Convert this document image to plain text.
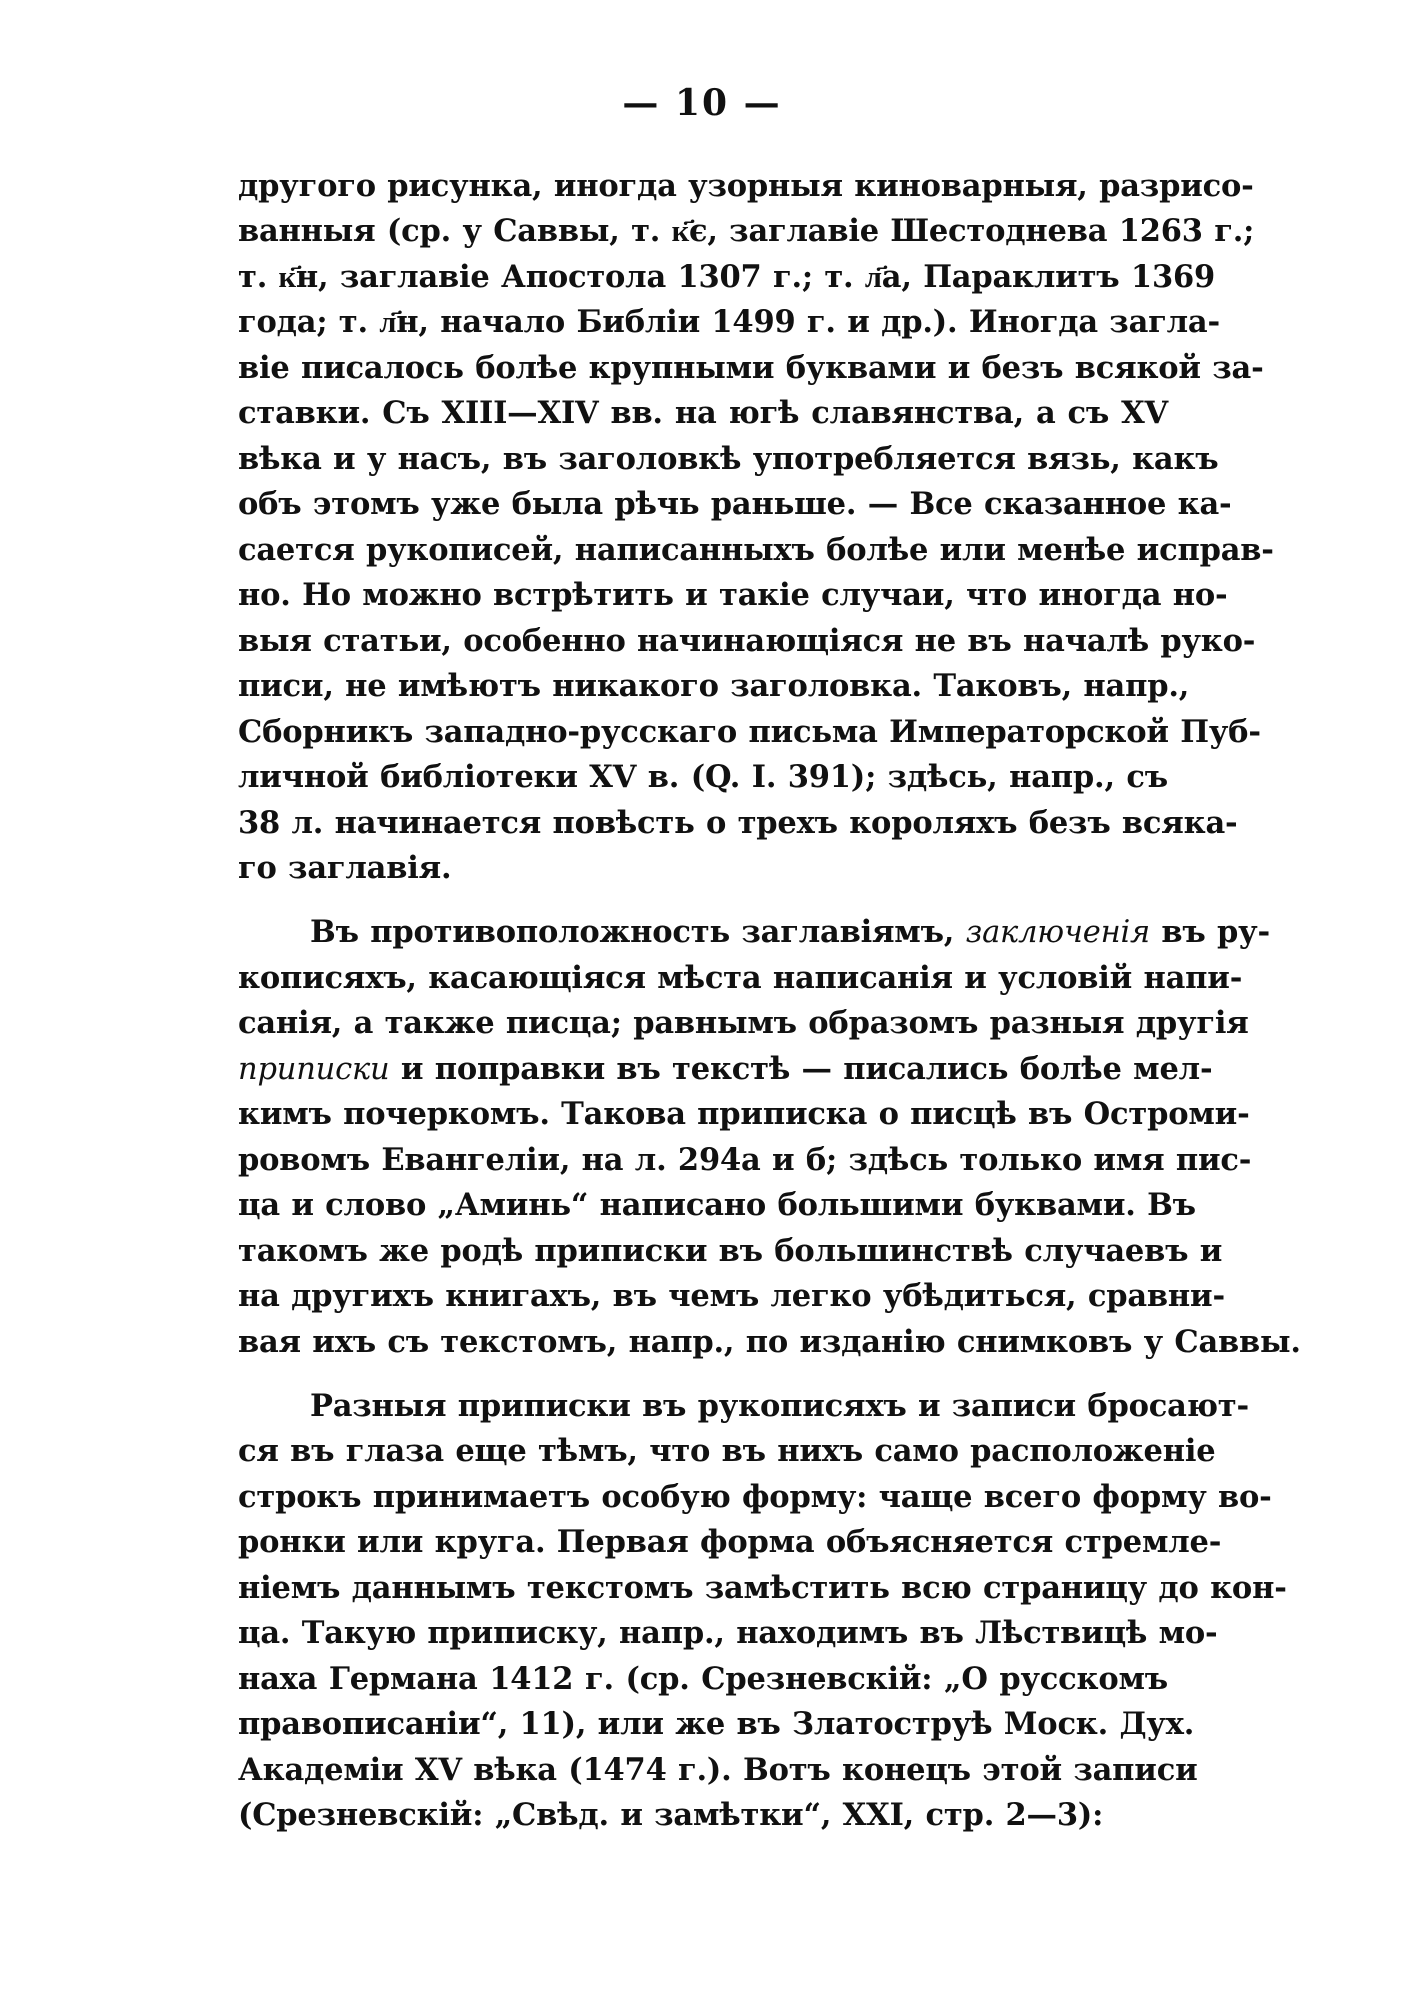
— 10 —
другого рисунка, иногда узорныя киноварныя, разрисо-
ванныя (ср. у Саввы, т. к҃є, заглавіе Шестоднева 1263 г.;
т. к҃н, заглавіе Апостола 1307 г.; т. л҃а, Параклитъ 1369
года; т. л҃н, начало Библіи 1499 г. и др.). Иногда загла-
віе писалось болѣе крупными буквами и безъ всякой за-
ставки. Съ XIII—XIV вв. на югѣ славянства, а съ XV
вѣка и у насъ, въ заголовкѣ употребляется вязь, какъ
объ этомъ уже была рѣчь раньше. — Все сказанное ка-
сается рукописей, написанныхъ болѣе или менѣе исправ-
но. Но можно встрѣтить и такіе случаи, что иногда но-
выя статьи, особенно начинающіяся не въ началѣ руко-
писи, не имѣютъ никакого заголовка. Таковъ, напр.,
Сборникъ западно-русскаго письма Императорской Пуб-
личной библіотеки XV в. (Q. I. 391); здѣсь, напр., съ
38 л. начинается повѣсть о трехъ короляхъ безъ всяка-
го заглавія.
Въ противоположность заглавіямъ, заключенія въ ру-
кописяхъ, касающіяся мѣста написанія и условій напи-
санія, а также писца; равнымъ образомъ разныя другія
приписки и поправки въ текстѣ — писались болѣе мел-
кимъ почеркомъ. Такова приписка о писцѣ въ Остроми-
ровомъ Евангеліи, на л. 294а и б; здѣсь только имя пис-
ца и слово „Аминь“ написано большими буквами. Въ
такомъ же родѣ приписки въ большинствѣ случаевъ и
на другихъ книгахъ, въ чемъ легко убѣдиться, сравни-
вая ихъ съ текстомъ, напр., по изданію снимковъ у Саввы.
Разныя приписки въ рукописяхъ и записи бросают-
ся въ глаза еще тѣмъ, что въ нихъ само расположеніе
строкъ принимаетъ особую форму: чаще всего форму во-
ронки или круга. Первая форма объясняется стремле-
ніемъ даннымъ текстомъ замѣстить всю страницу до кон-
ца. Такую приписку, напр., находимъ въ Лѣствицѣ мо-
наха Германа 1412 г. (ср. Срезневскій: „О русскомъ
правописаніи“, 11), или же въ Златоструѣ Моск. Дух.
Академіи XV вѣка (1474 г.). Вотъ конецъ этой записи
(Срезневскій: „Свѣд. и замѣтки“, XXI, стр. 2—3):
